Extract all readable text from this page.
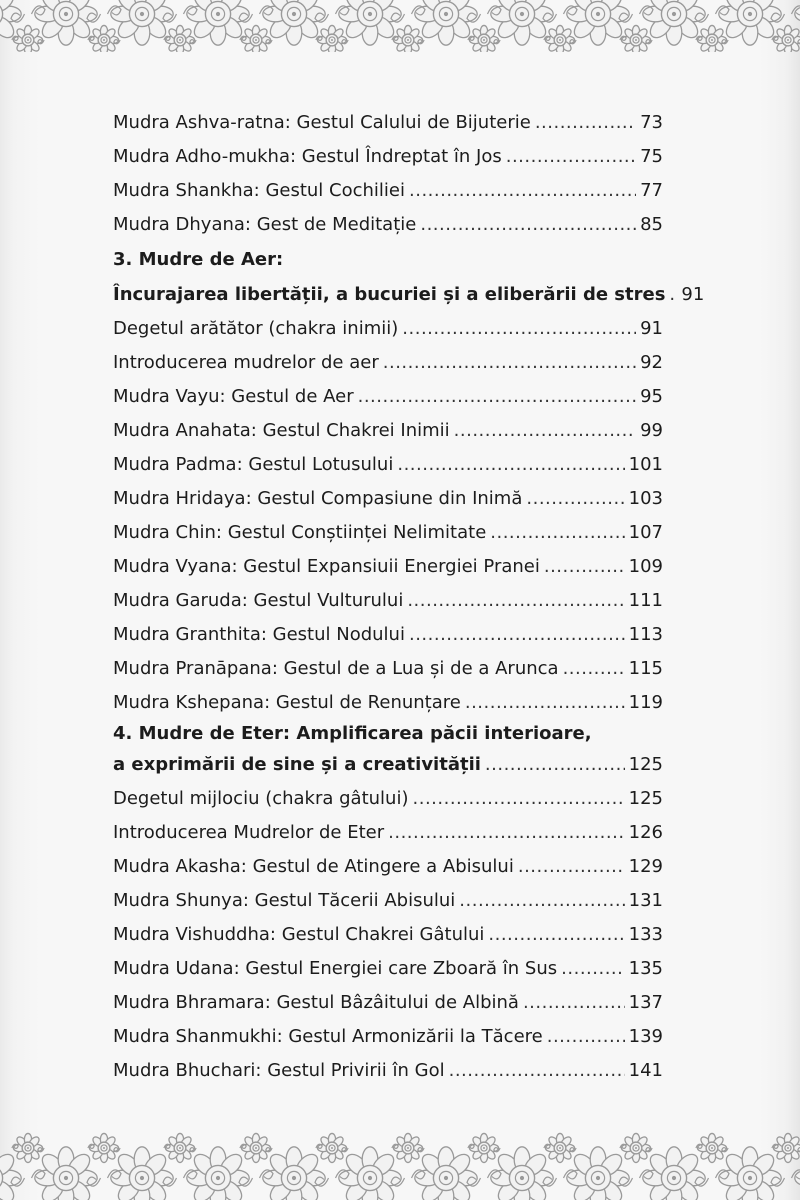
Mudra Ashva-ratna: Gestul Calului de Bijuterie .....	73
Mudra Adho-mukha: Gestul Îndreptat în Jos .....	75
Mudra Shankha: Gestul Cochiliei .....	77
Mudra Dhyana: Gest de Meditație .....	85
3. Mudre de Aer:
Încurajarea libertății, a bucuriei și a eliberării de stres ..... 91
Degetul arătător (chakra inimii) .....	91
Introducerea mudrelor de aer .....	92
Mudra Vayu: Gestul de Aer .....	95
Mudra Anahata: Gestul Chakrei Inimii .....	99
Mudra Padma: Gestul Lotusului .....	101
Mudra Hridaya: Gestul Compasiune din Inimă .....	103
Mudra Chin: Gestul Conștiinței Nelimitate .....	107
Mudra Vyana: Gestul Expansiuii Energiei Pranei .....	109
Mudra Garuda: Gestul Vulturului .....	111
Mudra Granthita: Gestul Nodului .....	113
Mudra Pranāpana: Gestul de a Lua și de a Arunca .....	115
Mudra Kshepana: Gestul de Renunțare .....	119
4. Mudre de Eter: Amplificarea păcii interioare,
a exprimării de sine și a creativității .....	125
Degetul mijlociu (chakra gâtului) .....	125
Introducerea Mudrelor de Eter .....	126
Mudra Akasha: Gestul de Atingere a Abisului .....	129
Mudra Shunya: Gestul Tăcerii Abisului .....	131
Mudra Vishuddha: Gestul Chakrei Gâtului .....	133
Mudra Udana: Gestul Energiei care Zboară în Sus .....	135
Mudra Bhramara: Gestul Bâzâitului de Albină .....	137
Mudra Shanmukhi: Gestul Armonizării la Tăcere .....	139
Mudra Bhuchari: Gestul Privirii în Gol .....	141
